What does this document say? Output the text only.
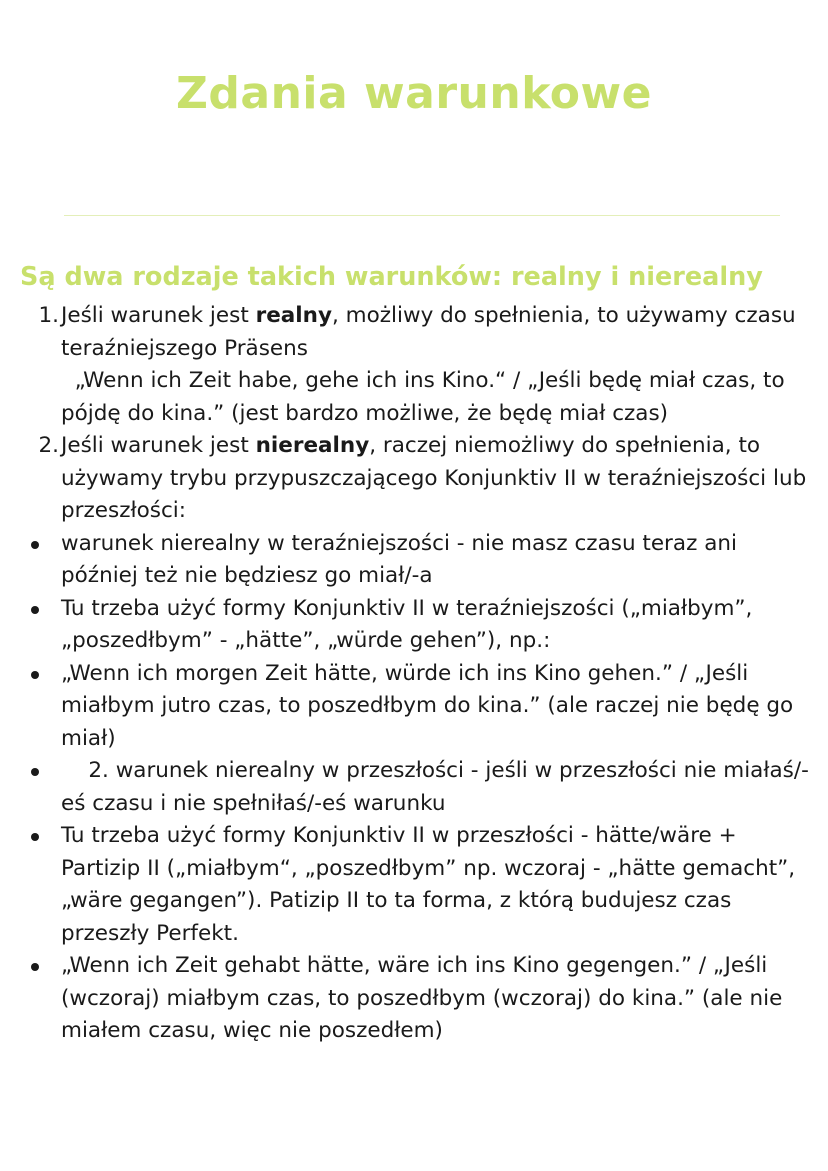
Zdania warunkowe
Są dwa rodzaje takich warunków: realny i nierealny
1. Jeśli warunek jest realny, możliwy do spełnienia, to używamy czasu teraźniejszego Präsens
„Wenn ich Zeit habe, gehe ich ins Kino.“ / „Jeśli będę miał czas, to pójdę do kina.” (jest bardzo możliwe, że będę miał czas)
2. Jeśli warunek jest nierealny, raczej niemożliwy do spełnienia, to używamy trybu przypuszczającego Konjunktiv II w teraźniejszości lub przeszłości:
warunek nierealny w teraźniejszości - nie masz czasu teraz ani później też nie będziesz go miał/-a
Tu trzeba użyć formy Konjunktiv II w teraźniejszości („miałbym”, „poszedłbym” - „hätte”, „würde gehen”), np.:
„Wenn ich morgen Zeit hätte, würde ich ins Kino gehen.” / „Jeśli miałbym jutro czas, to poszedłbym do kina.” (ale raczej nie będę go miał)
2. warunek nierealny w przeszłości - jeśli w przeszłości nie miałaś/-eś czasu i nie spełniłaś/-eś warunku
Tu trzeba użyć formy Konjunktiv II w przeszłości - hätte/wäre + Partizip II („miałbym“, „poszedłbym” np. wczoraj - „hätte gemacht”, „wäre gegangen”). Patizip II to ta forma, z którą budujesz czas przeszły Perfekt.
„Wenn ich Zeit gehabt hätte, wäre ich ins Kino gegengen.” / „Jeśli (wczoraj) miałbym czas, to poszedłbym (wczoraj) do kina.” (ale nie miałem czasu, więc nie poszedłem)
